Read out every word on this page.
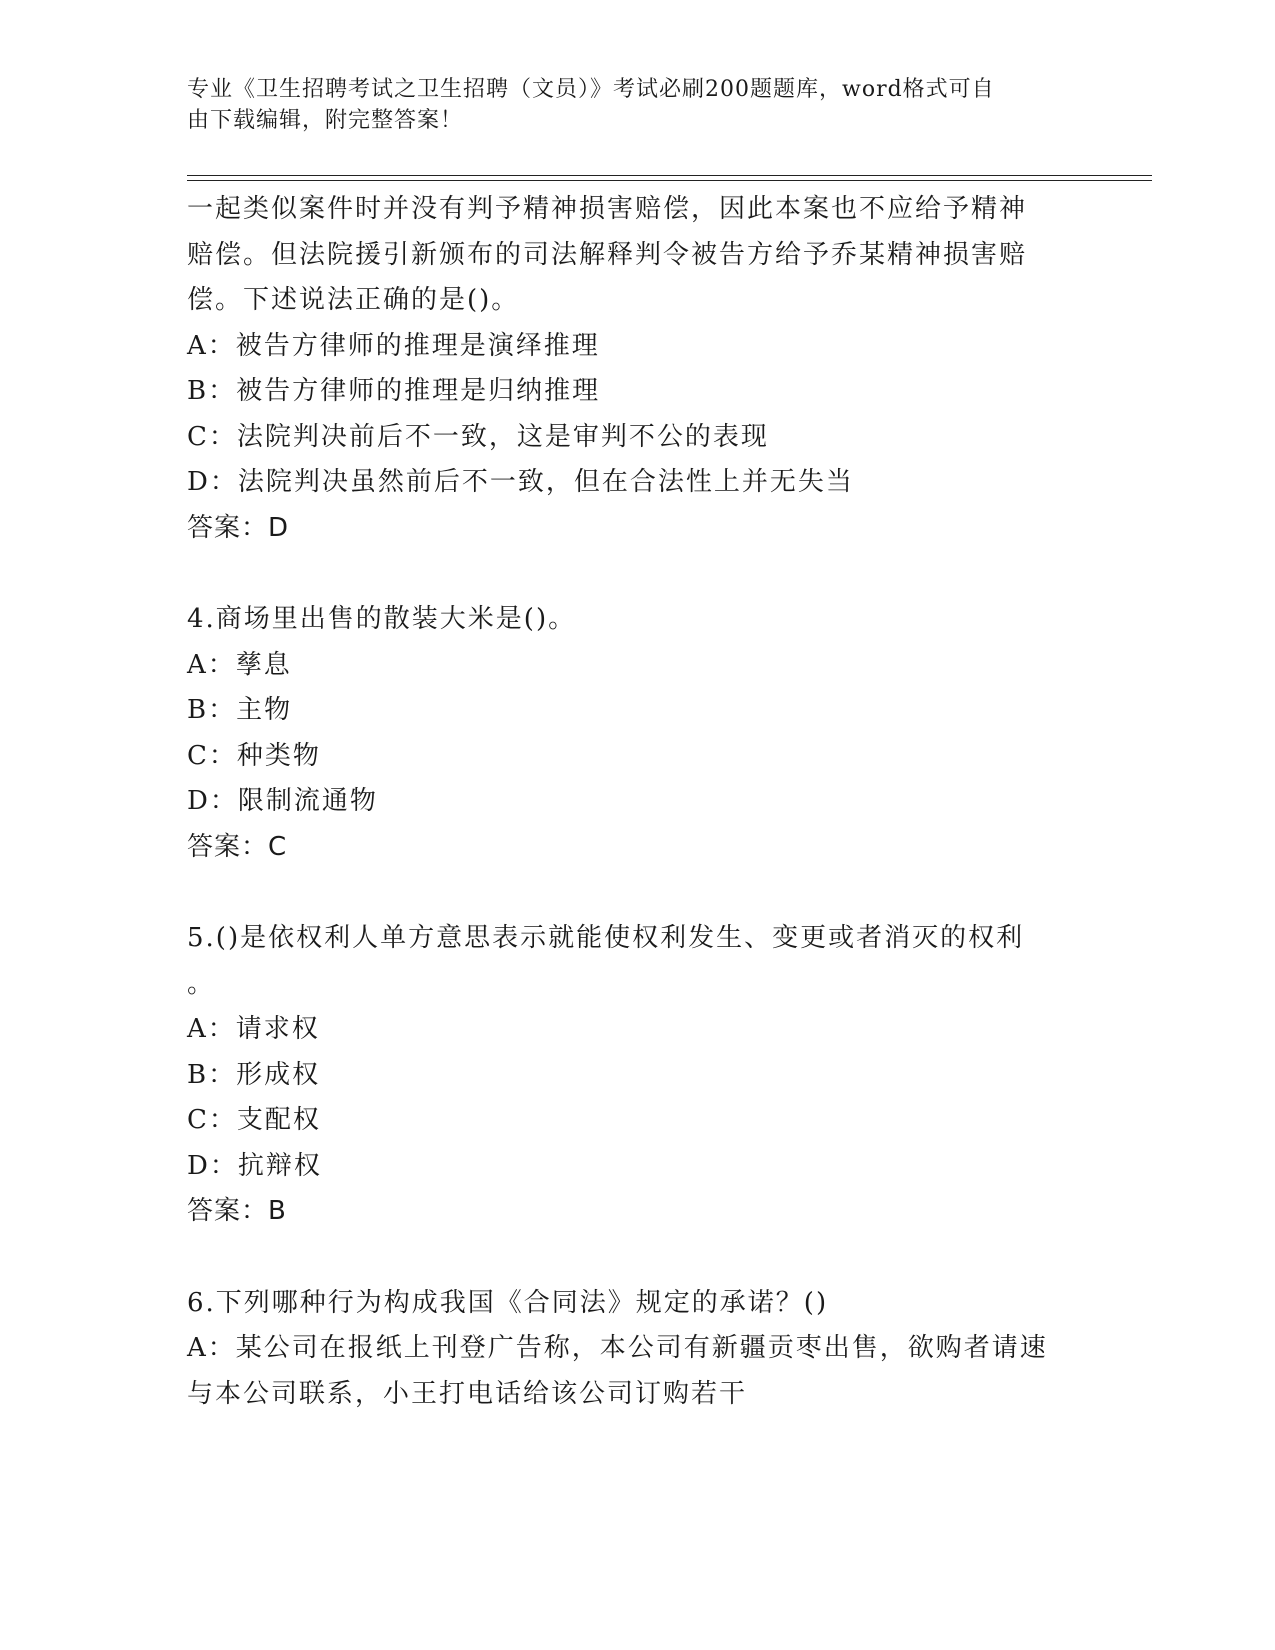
专业《卫生招聘考试之卫生招聘（文员）》考试必刷200题题库，word格式可自
由下载编辑，附完整答案！
一起类似案件时并没有判予精神损害赔偿，因此本案也不应给予精神
赔偿。但法院援引新颁布的司法解释判令被告方给予乔某精神损害赔
偿。下述说法正确的是()。
A：被告方律师的推理是演绎推理
B：被告方律师的推理是归纳推理
C：法院判决前后不一致，这是审判不公的表现
D：法院判决虽然前后不一致，但在合法性上并无失当
答案：D
4.商场里出售的散装大米是()。
A：孳息
B：主物
C：种类物
D：限制流通物
答案：C
5.()是依权利人单方意思表示就能使权利发生、变更或者消灭的权利
。
A：请求权
B：形成权
C：支配权
D：抗辩权
答案：B
6.下列哪种行为构成我国《合同法》规定的承诺？()
A：某公司在报纸上刊登广告称，本公司有新疆贡枣出售，欲购者请速
与本公司联系，小王打电话给该公司订购若干
